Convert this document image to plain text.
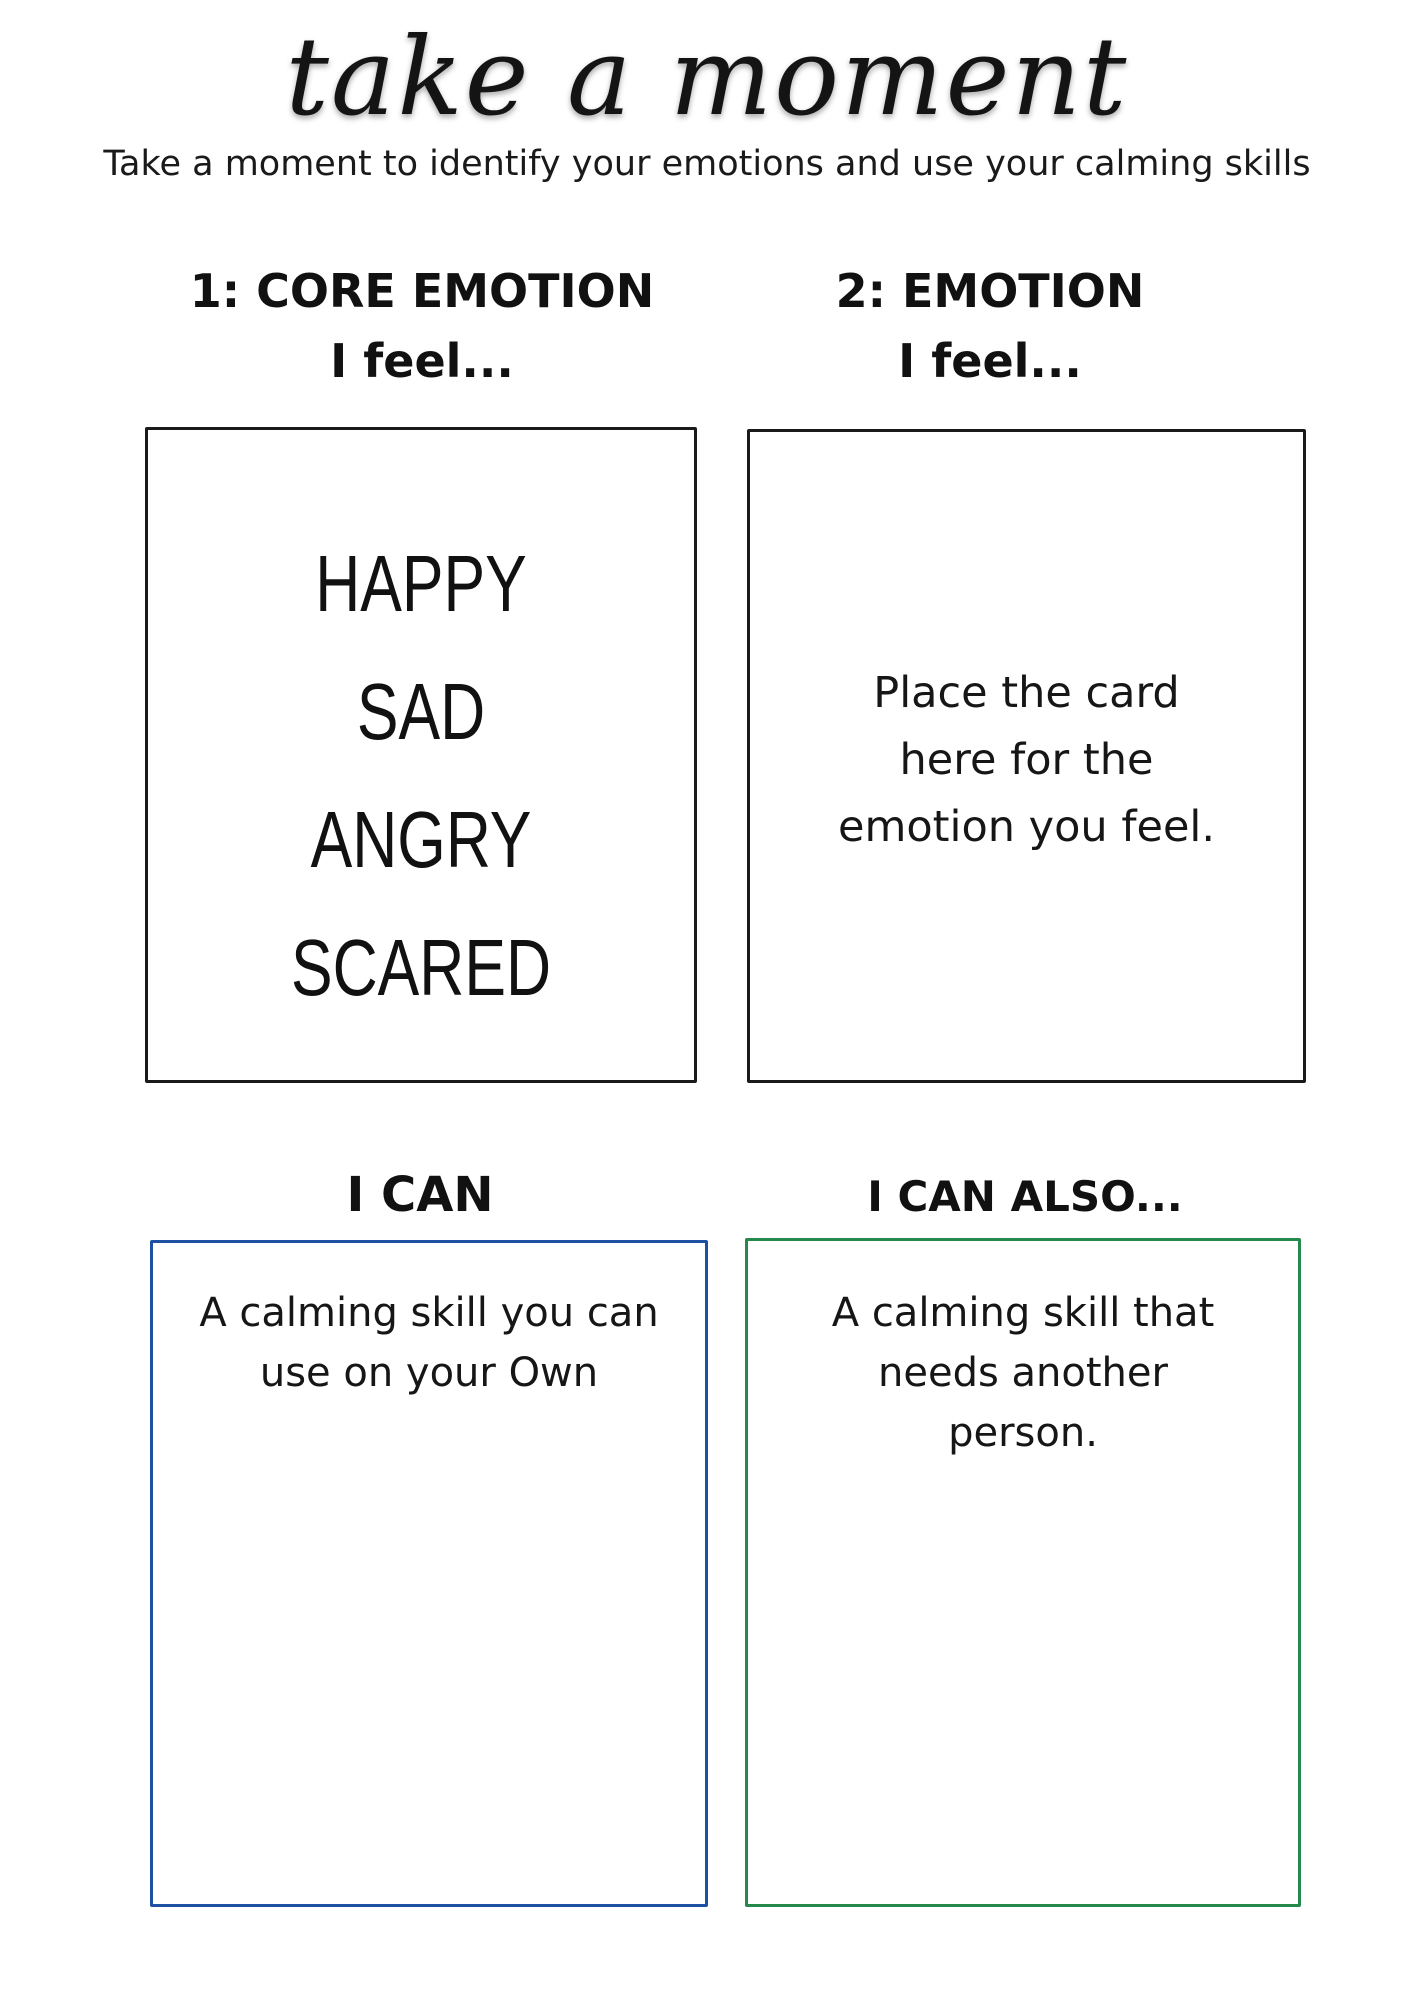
take a moment
Take a moment to identify your emotions and use your calming skills
1: CORE EMOTION
I feel...
2: EMOTION
I feel...
HAPPY
SAD
ANGRY
SCARED
Place the card
here for the
emotion you feel.
I CAN	I CAN ALSO...
A calming skill you can
use on your Own
A calming skill that
needs another
person.
